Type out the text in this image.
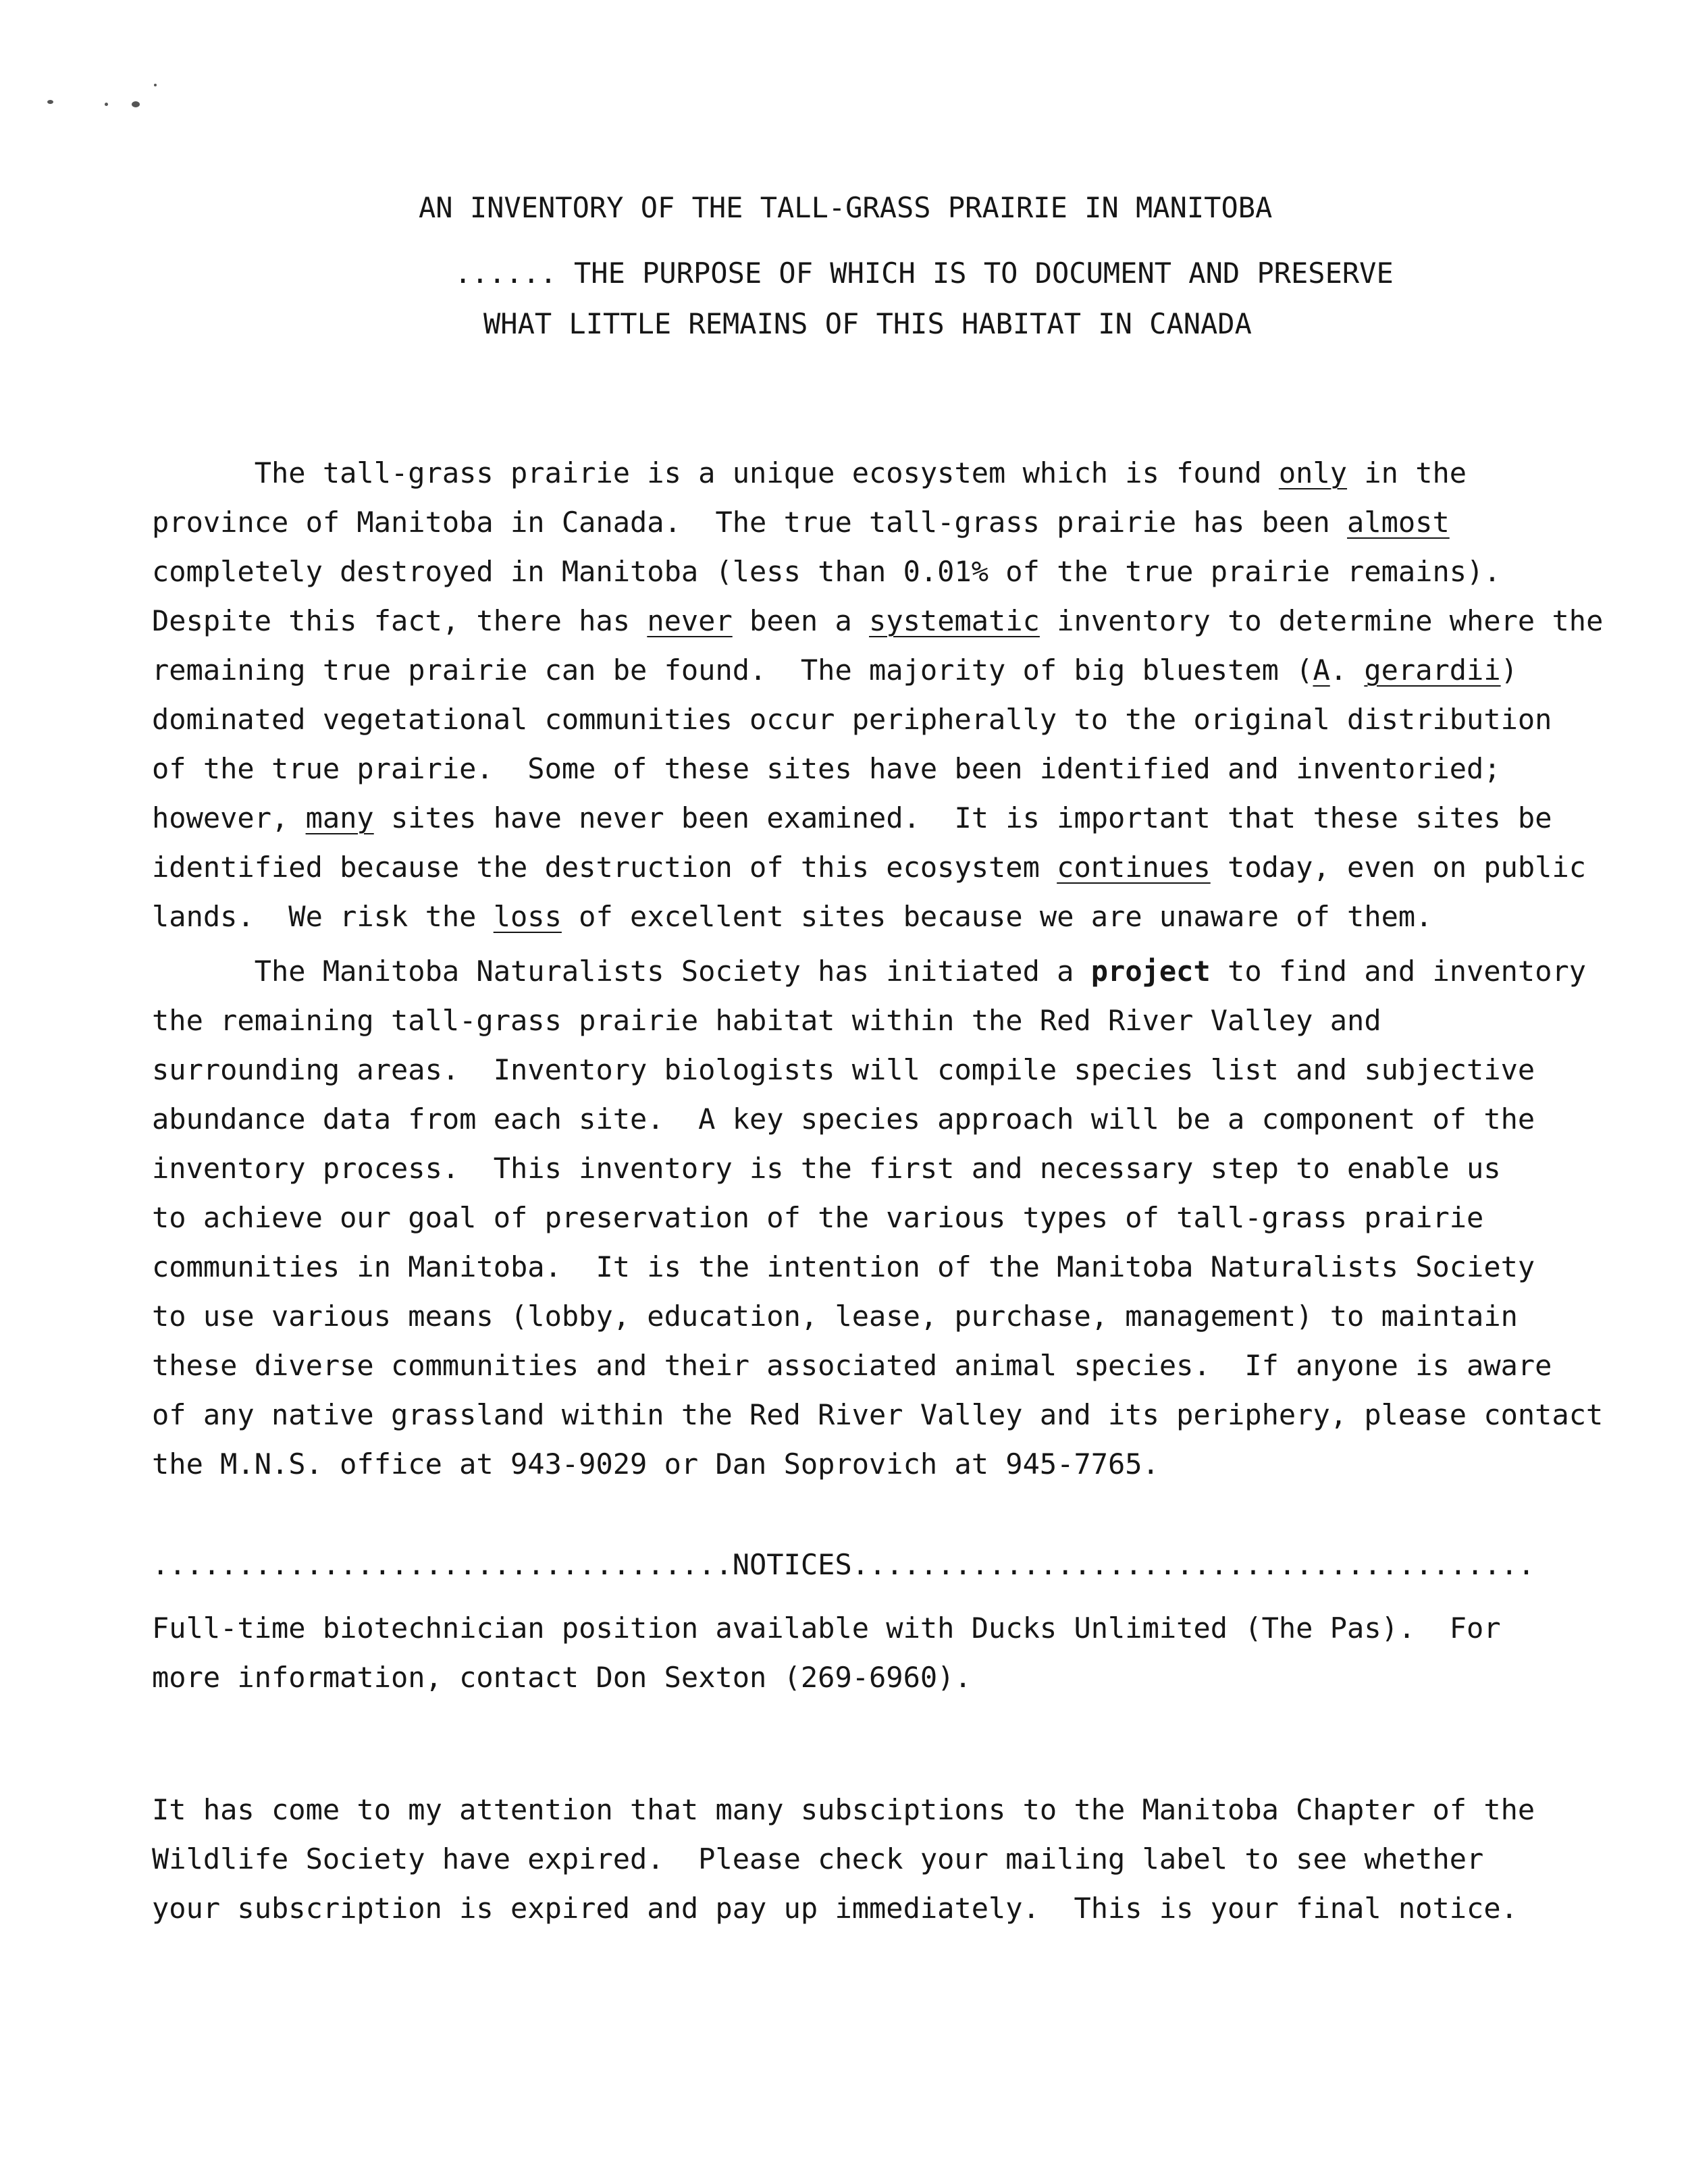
AN INVENTORY OF THE TALL-GRASS PRAIRIE IN MANITOBA
...... THE PURPOSE OF WHICH IS TO DOCUMENT AND PRESERVE
WHAT LITTLE REMAINS OF THIS HABITAT IN CANADA
The tall-grass prairie is a unique ecosystem which is found only in the
province of Manitoba in Canada.  The true tall-grass prairie has been almost
completely destroyed in Manitoba (less than 0.01% of the true prairie remains).
Despite this fact, there has never been a systematic inventory to determine where the
remaining true prairie can be found.  The majority of big bluestem (A. gerardii)
dominated vegetational communities occur peripherally to the original distribution
of the true prairie.  Some of these sites have been identified and inventoried;
however, many sites have never been examined.  It is important that these sites be
identified because the destruction of this ecosystem continues today, even on public
lands.  We risk the loss of excellent sites because we are unaware of them.
The Manitoba Naturalists Society has initiated a project to find and inventory
the remaining tall-grass prairie habitat within the Red River Valley and
surrounding areas.  Inventory biologists will compile species list and subjective
abundance data from each site.  A key species approach will be a component of the
inventory process.  This inventory is the first and necessary step to enable us
to achieve our goal of preservation of the various types of tall-grass prairie
communities in Manitoba.  It is the intention of the Manitoba Naturalists Society
to use various means (lobby, education, lease, purchase, management) to maintain
these diverse communities and their associated animal species.  If anyone is aware
of any native grassland within the Red River Valley and its periphery, please contact
the M.N.S. office at 943-9029 or Dan Soprovich at 945-7765.
..................................NOTICES........................................
Full-time biotechnician position available with Ducks Unlimited (The Pas).  For
more information, contact Don Sexton (269-6960).
It has come to my attention that many subsciptions to the Manitoba Chapter of the
Wildlife Society have expired.  Please check your mailing label to see whether
your subscription is expired and pay up immediately.  This is your final notice.
